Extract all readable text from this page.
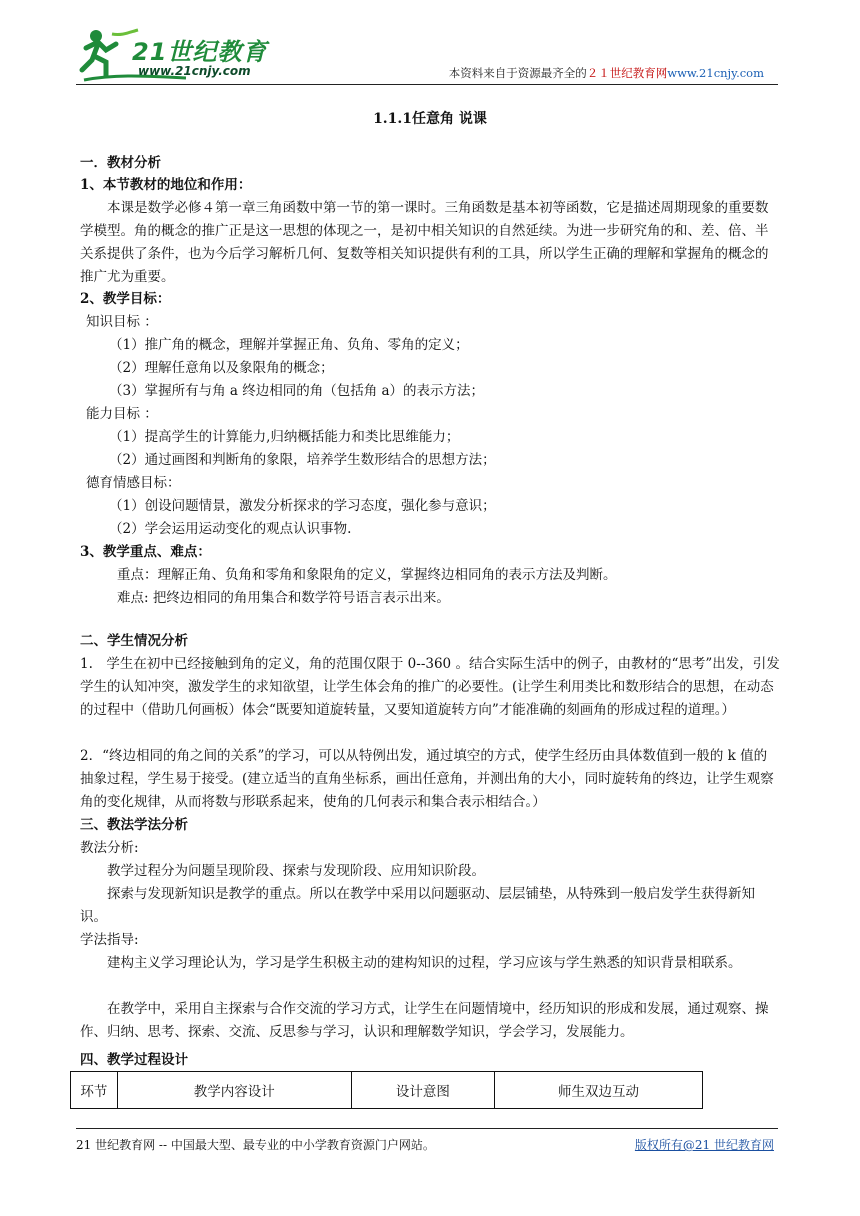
21世纪教育
www.21cnjy.com	本资料来自于资源最齐全的２１世纪教育网www.21cnjy.com
1.1.1任意角 说课
一．教材分析
1、本节教材的地位和作用：
本课是数学必修４第一章三角函数中第一节的第一课时。三角函数是基本初等函数，它是描述周期现象的重要数学模型。角的概念的推广正是这一思想的体现之一，是初中相关知识的自然延续。为进一步研究角的和、差、倍、半关系提供了条件，也为今后学习解析几何、复数等相关知识提供有利的工具，所以学生正确的理解和掌握角的概念的推广尤为重要。
2、教学目标：
知识目标 ：
（1）推广角的概念，理解并掌握正角、负角、零角的定义；
（2）理解任意角以及象限角的概念；
（3）掌握所有与角 a 终边相同的角（包括角 a）的表示方法；
能力目标 ：
（1）提高学生的计算能力,归纳概括能力和类比思维能力；
（2）通过画图和判断角的象限，培养学生数形结合的思想方法；
德育情感目标：
（1）创设问题情景，激发分析探求的学习态度，强化参与意识；
（2）学会运用运动变化的观点认识事物.
3、教学重点、难点：
重点：理解正角、负角和零角和象限角的定义，掌握终边相同角的表示方法及判断。
难点: 把终边相同的角用集合和数学符号语言表示出来。
二、学生情况分析
1.　学生在初中已经接触到角的定义，角的范围仅限于 0--360 。结合实际生活中的例子，由教材的“思考”出发，引发学生的认知冲突，激发学生的求知欲望，让学生体会角的推广的必要性。(让学生利用类比和数形结合的思想，在动态的过程中（借助几何画板）体会“既要知道旋转量，又要知道旋转方向”才能准确的刻画角的形成过程的道理。）
2．“终边相同的角之间的关系”的学习，可以从特例出发，通过填空的方式，使学生经历由具体数值到一般的 k 值的抽象过程，学生易于接受。(建立适当的直角坐标系，画出任意角，并测出角的大小，同时旋转角的终边，让学生观察角的变化规律，从而将数与形联系起来，使角的几何表示和集合表示相结合。）
三、教法学法分析
教法分析:
教学过程分为问题呈现阶段、探索与发现阶段、应用知识阶段。
探索与发现新知识是教学的重点。所以在教学中采用以问题驱动、层层铺垫，从特殊到一般启发学生获得新知识。
学法指导:
建构主义学习理论认为，学习是学生积极主动的建构知识的过程，学习应该与学生熟悉的知识背景相联系。
在教学中，采用自主探索与合作交流的学习方式，让学生在问题情境中，经历知识的形成和发展，通过观察、操作、归纳、思考、探索、交流、反思参与学习，认识和理解数学知识，学会学习，发展能力。
四、教学过程设计
环节	教学内容设计	设计意图	师生双边互动
21 世纪教育网 -- 中国最大型、最专业的中小学教育资源门户网站。	版权所有@21 世纪教育网
